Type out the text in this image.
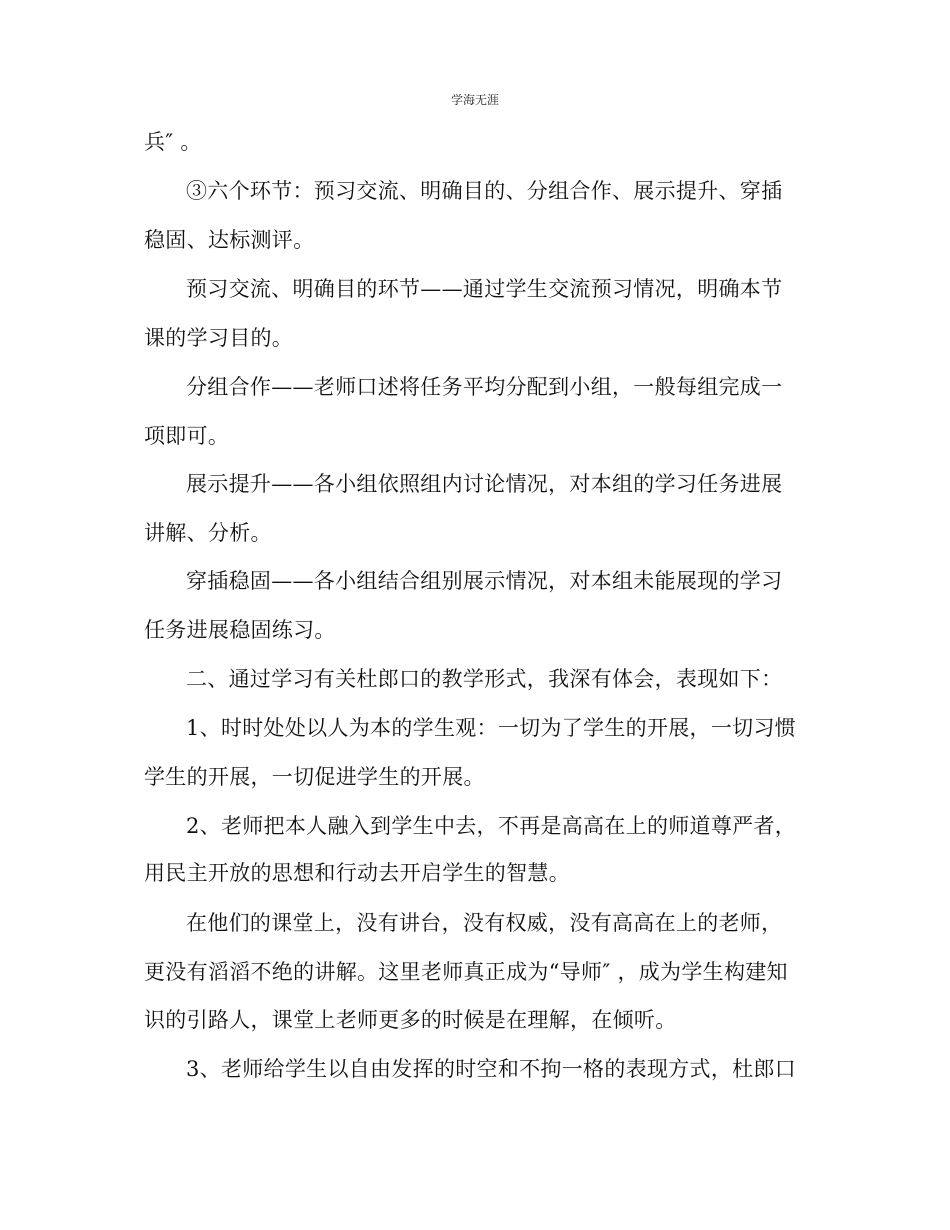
学海无涯
兵″ 。
③六个环节：预习交流、明确目的、分组合作、展示提升、穿插
稳固、达标测评。
预习交流、明确目的环节——通过学生交流预习情况，明确本节
课的学习目的。
分组合作——老师口述将任务平均分配到小组，一般每组完成一
项即可。
展示提升——各小组依照组内讨论情况，对本组的学习任务进展
讲解、分析。
穿插稳固——各小组结合组别展示情况，对本组未能展现的学习
任务进展稳固练习。
二、通过学习有关杜郎口的教学形式，我深有体会，表现如下：
1、时时处处以人为本的学生观：一切为了学生的开展，一切习惯
学生的开展，一切促进学生的开展。
2、老师把本人融入到学生中去，不再是高高在上的师道尊严者，
用民主开放的思想和行动去开启学生的智慧。
在他们的课堂上，没有讲台，没有权威，没有高高在上的老师，
更没有滔滔不绝的讲解。这里老师真正成为“导师″ ，成为学生构建知
识的引路人，课堂上老师更多的时候是在理解，在倾听。
3、老师给学生以自由发挥的时空和不拘一格的表现方式，杜郎口
